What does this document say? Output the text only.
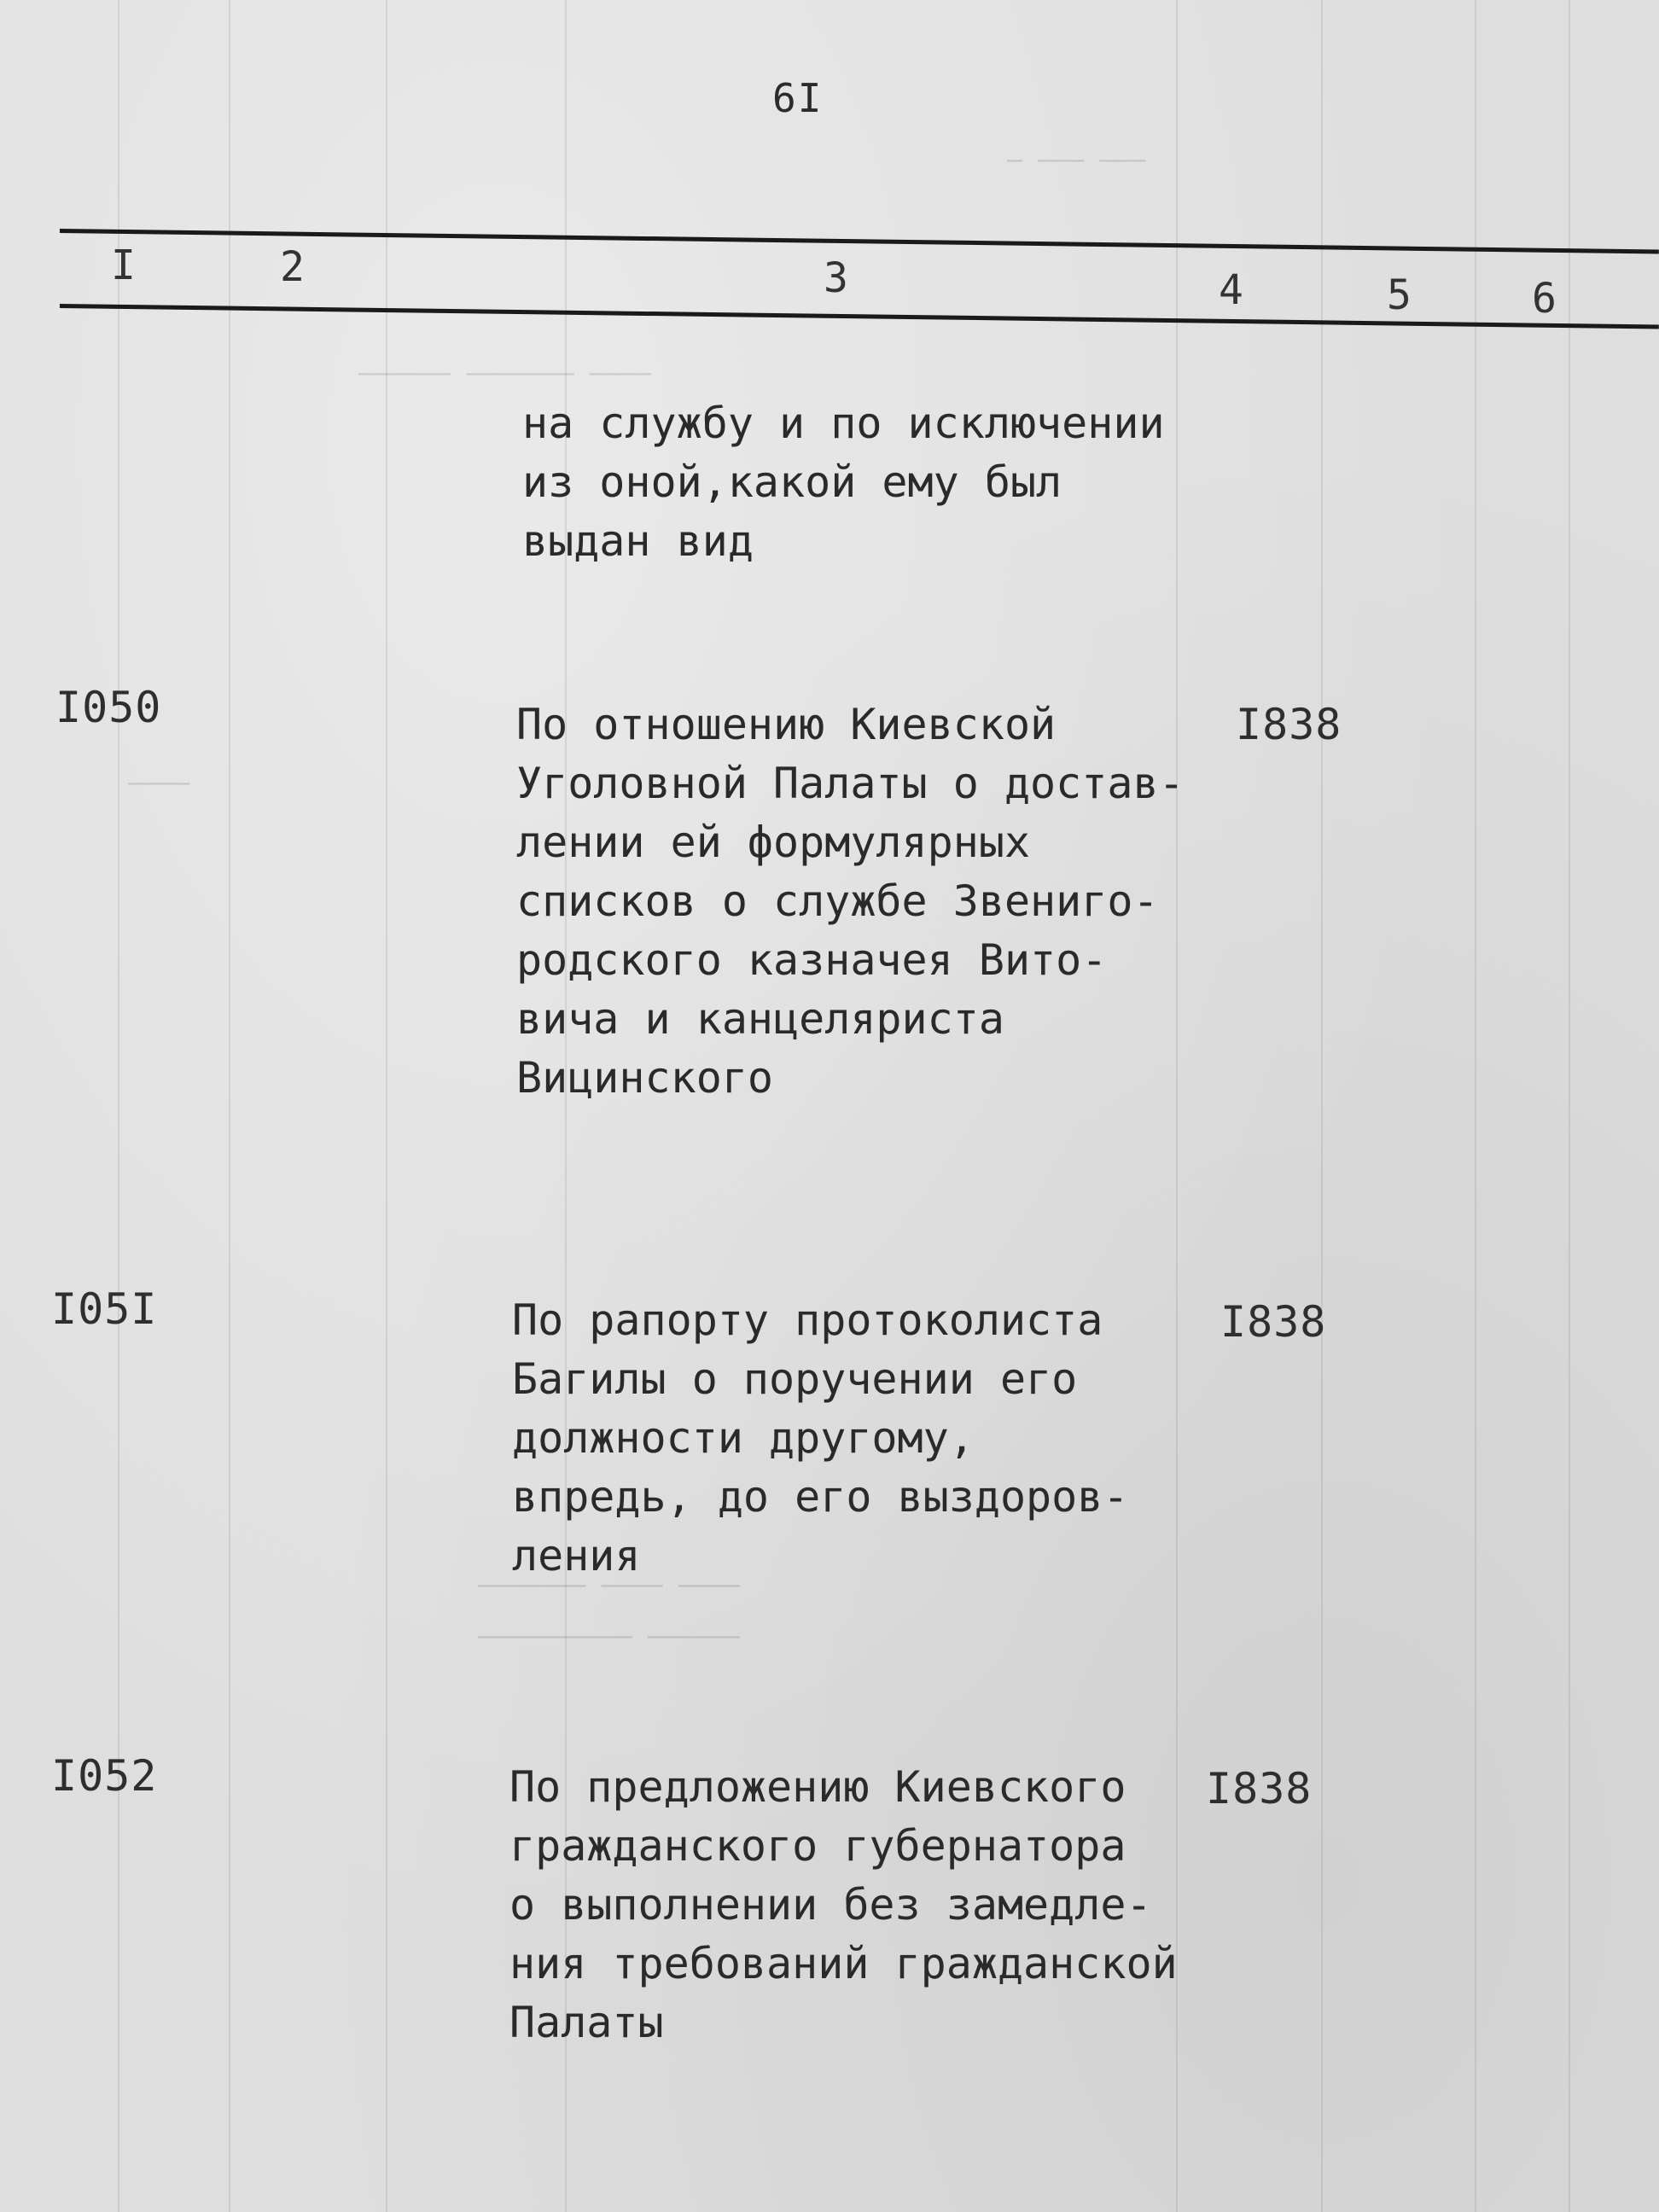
— ——— ———
—————— ——————— ————
————
——————— ———— ————
—————————— ——————
6I
I	2	3	4	5	6
на службу и по исключении
из оной,какой ему был
выдан вид
I050	По отношению Киевской
Уголовной Палаты о достав-
лении ей формулярных
списков о службе Звениго-
родского казначея Вито-
вича и канцеляриста
Вицинского
I838
I05I	По рапорту протоколиста
Багилы о поручении его
должности другому,
впредь, до его выздоров-
ления
I838
I052	По предложению Киевского
гражданского губернатора
о выполнении без замедле-
ния требований гражданской
Палаты
I838
